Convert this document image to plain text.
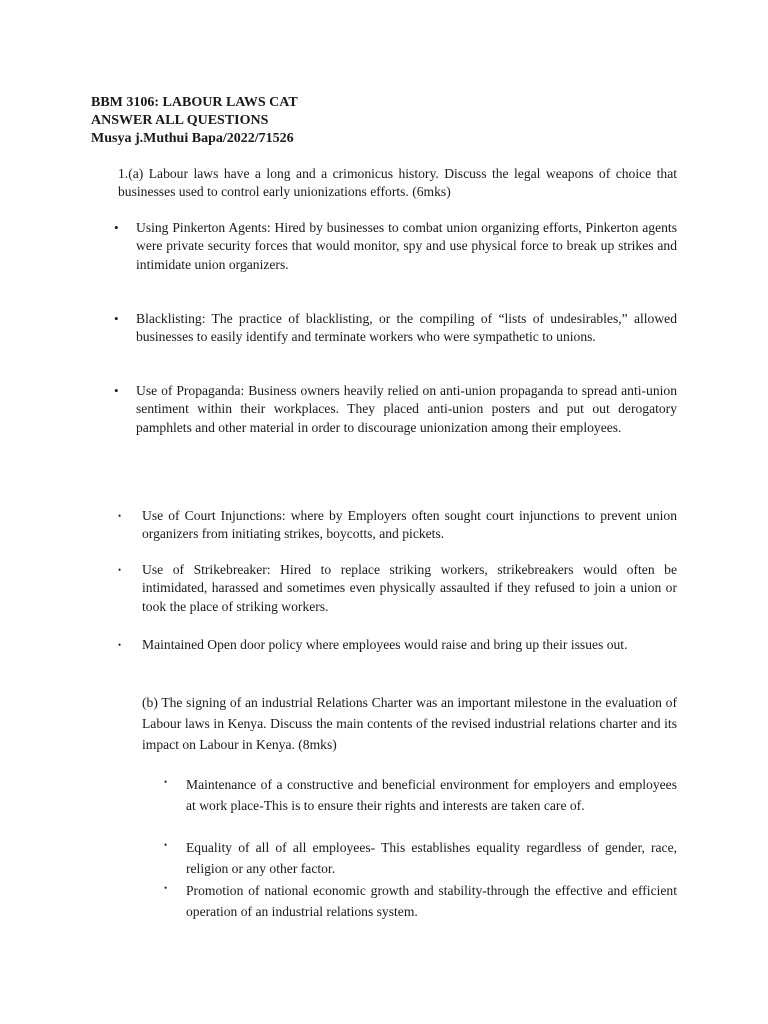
BBM 3106: LABOUR LAWS CAT
ANSWER ALL QUESTIONS
Musya j.Muthui Bapa/2022/71526
1.(a) Labour laws have a long and a crimonicus history. Discuss the legal weapons of choice that businesses used to control early unionizations efforts. (6mks)
• Using Pinkerton Agents: Hired by businesses to combat union organizing efforts, Pinkerton agents were private security forces that would monitor, spy and use physical force to break up strikes and intimidate union organizers.
• Blacklisting: The practice of blacklisting, or the compiling of “lists of undesirables,” allowed businesses to easily identify and terminate workers who were sympathetic to unions.
• Use of Propaganda: Business owners heavily relied on anti-union propaganda to spread anti-union sentiment within their workplaces. They placed anti-union posters and put out derogatory pamphlets and other material in order to discourage unionization among their employees.
• Use of Court Injunctions: where by Employers often sought court injunctions to prevent union organizers from initiating strikes, boycotts, and pickets.
• Use of Strikebreaker: Hired to replace striking workers, strikebreakers would often be intimidated, harassed and sometimes even physically assaulted if they refused to join a union or took the place of striking workers.
• Maintained Open door policy where employees would raise and bring up their issues out.
(b) The signing of an industrial Relations Charter was an important milestone in the evaluation of Labour laws in Kenya. Discuss the main contents of the revised industrial relations charter and its impact on Labour in Kenya. (8mks)
• Maintenance of a constructive and beneficial environment for employers and employees at work place-This is to ensure their rights and interests are taken care of.
• Equality of all of all employees- This establishes equality regardless of gender, race, religion or any other factor.
• Promotion of national economic growth and stability-through the effective and efficient operation of an industrial relations system.
